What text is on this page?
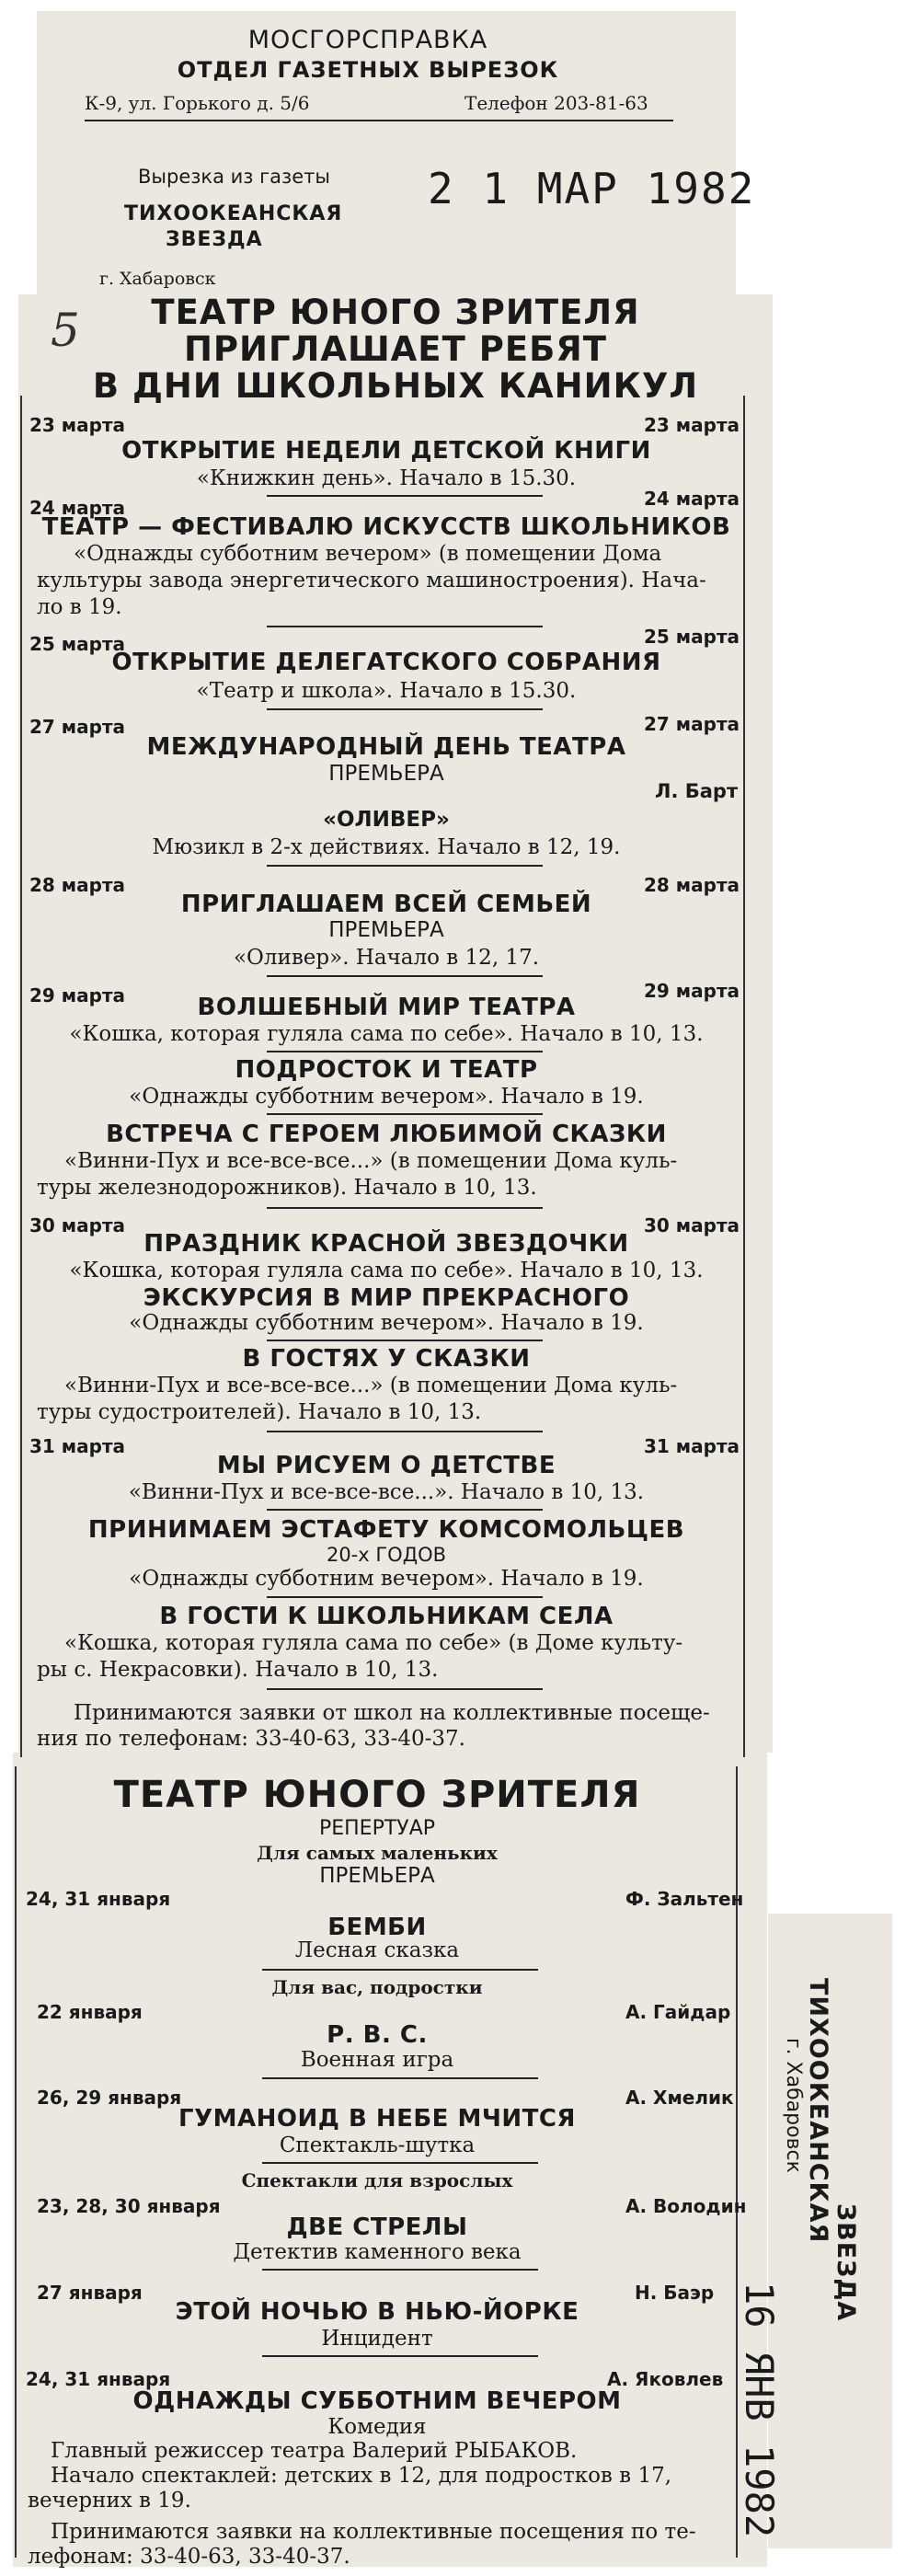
МОСГОРСПРАВКА
ОТДЕЛ ГАЗЕТНЫХ ВЫРЕЗОК
К-9, ул. Горького д. 5/6	Телефон 203-81-63
Вырезка из газеты
ТИХООКЕАНСКАЯ
ЗВЕЗДА
2 1 МАР 1982
г. Хабаровск
5	ТЕАТР ЮНОГО ЗРИТЕЛЯ
ПРИГЛАШАЕТ РЕБЯТ
В ДНИ ШКОЛЬНЫХ КАНИКУЛ
23 марта	23 марта
ОТКРЫТИЕ НЕДЕЛИ ДЕТСКОЙ КНИГИ
«Книжкин день». Начало в 15.30.
24 марта	24 марта
ТЕАТР — ФЕСТИВАЛЮ ИСКУССТВ ШКОЛЬНИКОВ
«Однажды субботним вечером» (в помещении Дома
культуры завода энергетического машиностроения). Нача-
ло в 19.
25 марта	25 марта
ОТКРЫТИЕ ДЕЛЕГАТСКОГО СОБРАНИЯ
«Театр и школа». Начало в 15.30.
27 марта	27 марта
МЕЖДУНАРОДНЫЙ ДЕНЬ ТЕАТРА
ПРЕМЬЕРА
Л. Барт
«ОЛИВЕР»
Мюзикл в 2-х действиях. Начало в 12, 19.
28 марта	28 марта
ПРИГЛАШАЕМ ВСЕЙ СЕМЬЕЙ
ПРЕМЬЕРА
«Оливер». Начало в 12, 17.
29 марта	29 марта
ВОЛШЕБНЫЙ МИР ТЕАТРА
«Кошка, которая гуляла сама по себе». Начало в 10, 13.
ПОДРОСТОК И ТЕАТР
«Однажды субботним вечером». Начало в 19.
ВСТРЕЧА С ГЕРОЕМ ЛЮБИМОЙ СКАЗКИ
«Винни-Пух и все-все-все...» (в помещении Дома куль-
туры железнодорожников). Начало в 10, 13.
30 марта	30 марта
ПРАЗДНИК КРАСНОЙ ЗВЕЗДОЧКИ
«Кошка, которая гуляла сама по себе». Начало в 10, 13.
ЭКСКУРСИЯ В МИР ПРЕКРАСНОГО
«Однажды субботним вечером». Начало в 19.
В ГОСТЯХ У СКАЗКИ
«Винни-Пух и все-все-все...» (в помещении Дома куль-
туры судостроителей). Начало в 10, 13.
31 марта	31 марта
МЫ РИСУЕМ О ДЕТСТВЕ
«Винни-Пух и все-все-все...». Начало в 10, 13.
ПРИНИМАЕМ ЭСТАФЕТУ КОМСОМОЛЬЦЕВ
20-х ГОДОВ
«Однажды субботним вечером». Начало в 19.
В ГОСТИ К ШКОЛЬНИКАМ СЕЛА
«Кошка, которая гуляла сама по себе» (в Доме культу-
ры с. Некрасовки). Начало в 10, 13.
Принимаются заявки от школ на коллективные посеще-
ния по телефонам: 33-40-63, 33-40-37.
ТЕАТР ЮНОГО ЗРИТЕЛЯ
РЕПЕРТУАР
Для самых маленьких
ПРЕМЬЕРА
24, 31 января	Ф. Зальтен
БЕМБИ
Лесная сказка
Для вас, подростки
22 января	А. Гайдар
Р. В. С.
Военная игра
26, 29 января	А. Хмелик
ГУМАНОИД В НЕБЕ МЧИТСЯ
Спектакль-шутка
Спектакли для взрослых
23, 28, 30 января	А. Володин
ДВЕ СТРЕЛЫ
Детектив каменного века
27 января	Н. Баэр
ЭТОЙ НОЧЬЮ В НЬЮ-ЙОРКЕ
Инцидент
24, 31 января	А. Яковлев
ОДНАЖДЫ СУББОТНИМ ВЕЧЕРОМ
Комедия
Главный режиссер театра Валерий РЫБАКОВ.
Начало спектаклей: детских в 12, для подростков в 17,
вечерних в 19.
Принимаются заявки на коллективные посещения по те-
лефонам: 33-40-63, 33-40-37.
ТИХООКЕАНСКАЯ
ЗВЕЗДА
г. Хабаровск
16 ЯНВ 1982
